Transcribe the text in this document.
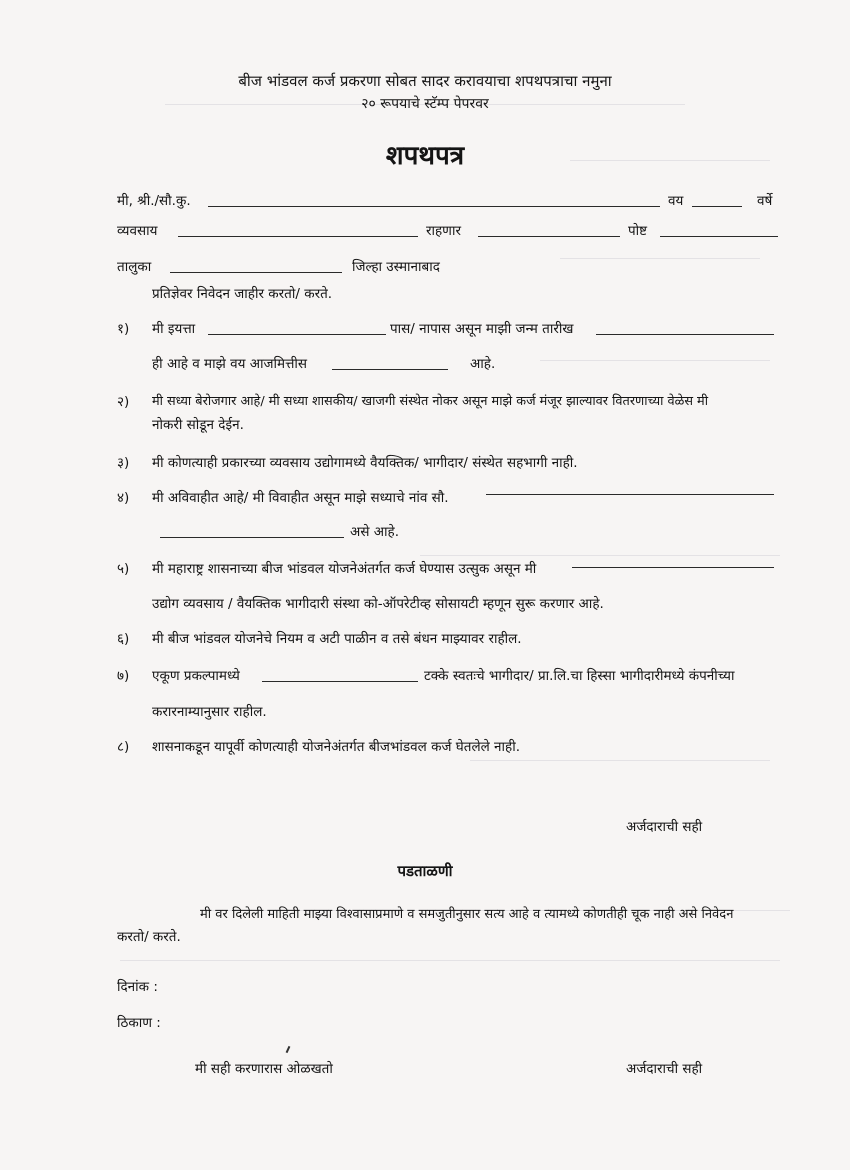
बीज भांडवल कर्ज प्रकरणा सोबत सादर करावयाचा शपथपत्राचा नमुना
२० रूपयाचे स्टॅम्प पेपरवर
शपथपत्र
मी, श्री./सौ.कु.	वय	वर्षे
व्यवसाय	राहणार	पोष्ट
तालुका	जिल्हा उस्मानाबाद
प्रतिज्ञेवर निवेदन जाहीर करतो/ करते.
१) मी इयत्ता	पास/ नापास असून माझी जन्म तारीख
ही आहे व माझे वय आजमित्तीस	आहे.
२) मी सध्या बेरोजगार आहे/ मी सध्या शासकीय/ खाजगी संस्थेत नोकर असून माझे कर्ज मंजूर झाल्यावर वितरणाच्या वेळेस मी
नोकरी सोडून देईन.
३) मी कोणत्याही प्रकारच्या व्यवसाय उद्योगामध्ये वैयक्तिक/ भागीदार/ संस्थेत सहभागी नाही.
४) मी अविवाहीत आहे/ मी विवाहीत असून माझे सध्याचे नांव सौ.
असे आहे.
५) मी महाराष्ट्र शासनाच्या बीज भांडवल योजनेअंतर्गत कर्ज घेण्यास उत्सुक असून मी
उद्योग व्यवसाय / वैयक्तिक भागीदारी संस्था को-ऑपरेटीव्ह सोसायटी म्हणून सुरू करणार आहे.
६) मी बीज भांडवल योजनेचे नियम व अटी पाळीन व तसे बंधन माझ्यावर राहील.
७) एकूण प्रकल्पामध्ये	टक्के स्वतःचे भागीदार/ प्रा.लि.चा हिस्सा भागीदारीमध्ये कंपनीच्या
करारनाम्यानुसार राहील.
८) शासनाकडून यापूर्वी कोणत्याही योजनेअंतर्गत बीजभांडवल कर्ज घेतलेले नाही.
अर्जदाराची सही
पडताळणी
मी वर दिलेली माहिती माझ्या विश्वासाप्रमाणे व समजुतीनुसार सत्य आहे व त्यामध्ये कोणतीही चूक नाही असे निवेदन
करतो/ करते.
दिनांक :
ठिकाण :
मी सही करणारास ओळखतो	अर्जदाराची सही
